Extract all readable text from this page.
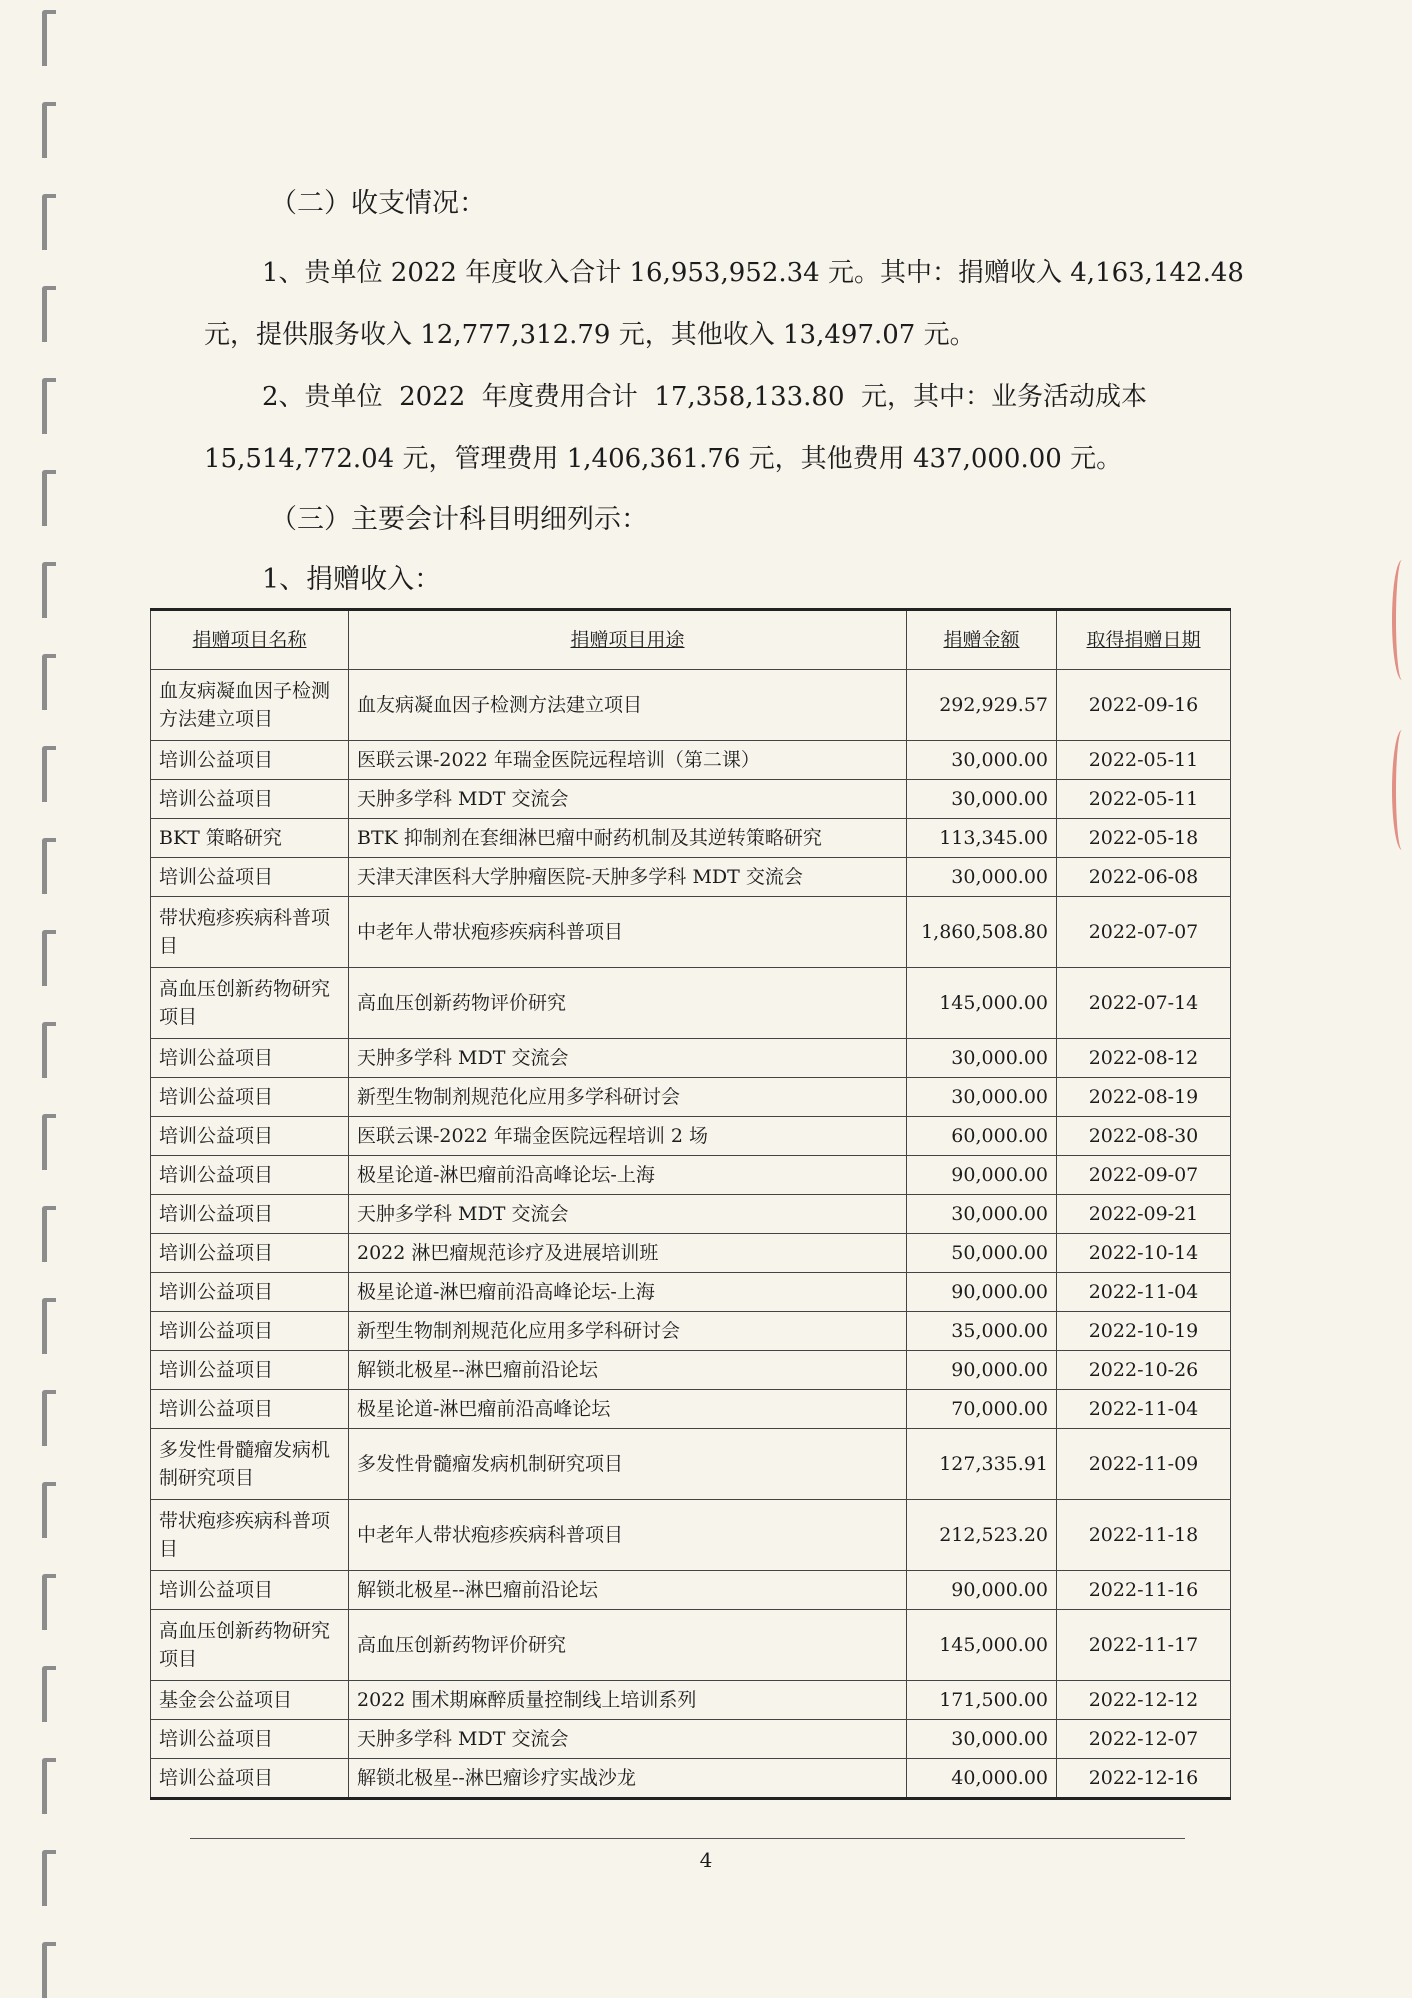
（二）收支情况：
1、贵单位 2022 年度收入合计 16,953,952.34 元。其中：捐赠收入 4,163,142.48
元，提供服务收入 12,777,312.79 元，其他收入 13,497.07 元。
2、贵单位  2022  年度费用合计  17,358,133.80  元，其中：业务活动成本
15,514,772.04 元，管理费用 1,406,361.76 元，其他费用 437,000.00 元。
（三）主要会计科目明细列示：
1、捐赠收入：
捐赠项目名称	捐赠项目用途	捐赠金额	取得捐赠日期
血友病凝血因子检测方法建立项目	血友病凝血因子检测方法建立项目	292,929.57	2022-09-16
培训公益项目	医联云课-2022 年瑞金医院远程培训（第二课）	30,000.00	2022-05-11
培训公益项目	天肿多学科 MDT 交流会	30,000.00	2022-05-11
BKT 策略研究	BTK 抑制剂在套细淋巴瘤中耐药机制及其逆转策略研究	113,345.00	2022-05-18
培训公益项目	天津天津医科大学肿瘤医院-天肿多学科 MDT 交流会	30,000.00	2022-06-08
带状疱疹疾病科普项目	中老年人带状疱疹疾病科普项目	1,860,508.80	2022-07-07
高血压创新药物研究项目	高血压创新药物评价研究	145,000.00	2022-07-14
培训公益项目	天肿多学科 MDT 交流会	30,000.00	2022-08-12
培训公益项目	新型生物制剂规范化应用多学科研讨会	30,000.00	2022-08-19
培训公益项目	医联云课-2022 年瑞金医院远程培训 2 场	60,000.00	2022-08-30
培训公益项目	极星论道-淋巴瘤前沿高峰论坛-上海	90,000.00	2022-09-07
培训公益项目	天肿多学科 MDT 交流会	30,000.00	2022-09-21
培训公益项目	2022 淋巴瘤规范诊疗及进展培训班	50,000.00	2022-10-14
培训公益项目	极星论道-淋巴瘤前沿高峰论坛-上海	90,000.00	2022-11-04
培训公益项目	新型生物制剂规范化应用多学科研讨会	35,000.00	2022-10-19
培训公益项目	解锁北极星--淋巴瘤前沿论坛	90,000.00	2022-10-26
培训公益项目	极星论道-淋巴瘤前沿高峰论坛	70,000.00	2022-11-04
多发性骨髓瘤发病机制研究项目	多发性骨髓瘤发病机制研究项目	127,335.91	2022-11-09
带状疱疹疾病科普项目	中老年人带状疱疹疾病科普项目	212,523.20	2022-11-18
培训公益项目	解锁北极星--淋巴瘤前沿论坛	90,000.00	2022-11-16
高血压创新药物研究项目	高血压创新药物评价研究	145,000.00	2022-11-17
基金会公益项目	2022 围术期麻醉质量控制线上培训系列	171,500.00	2022-12-12
培训公益项目	天肿多学科 MDT 交流会	30,000.00	2022-12-07
培训公益项目	解锁北极星--淋巴瘤诊疗实战沙龙	40,000.00	2022-12-16
4
